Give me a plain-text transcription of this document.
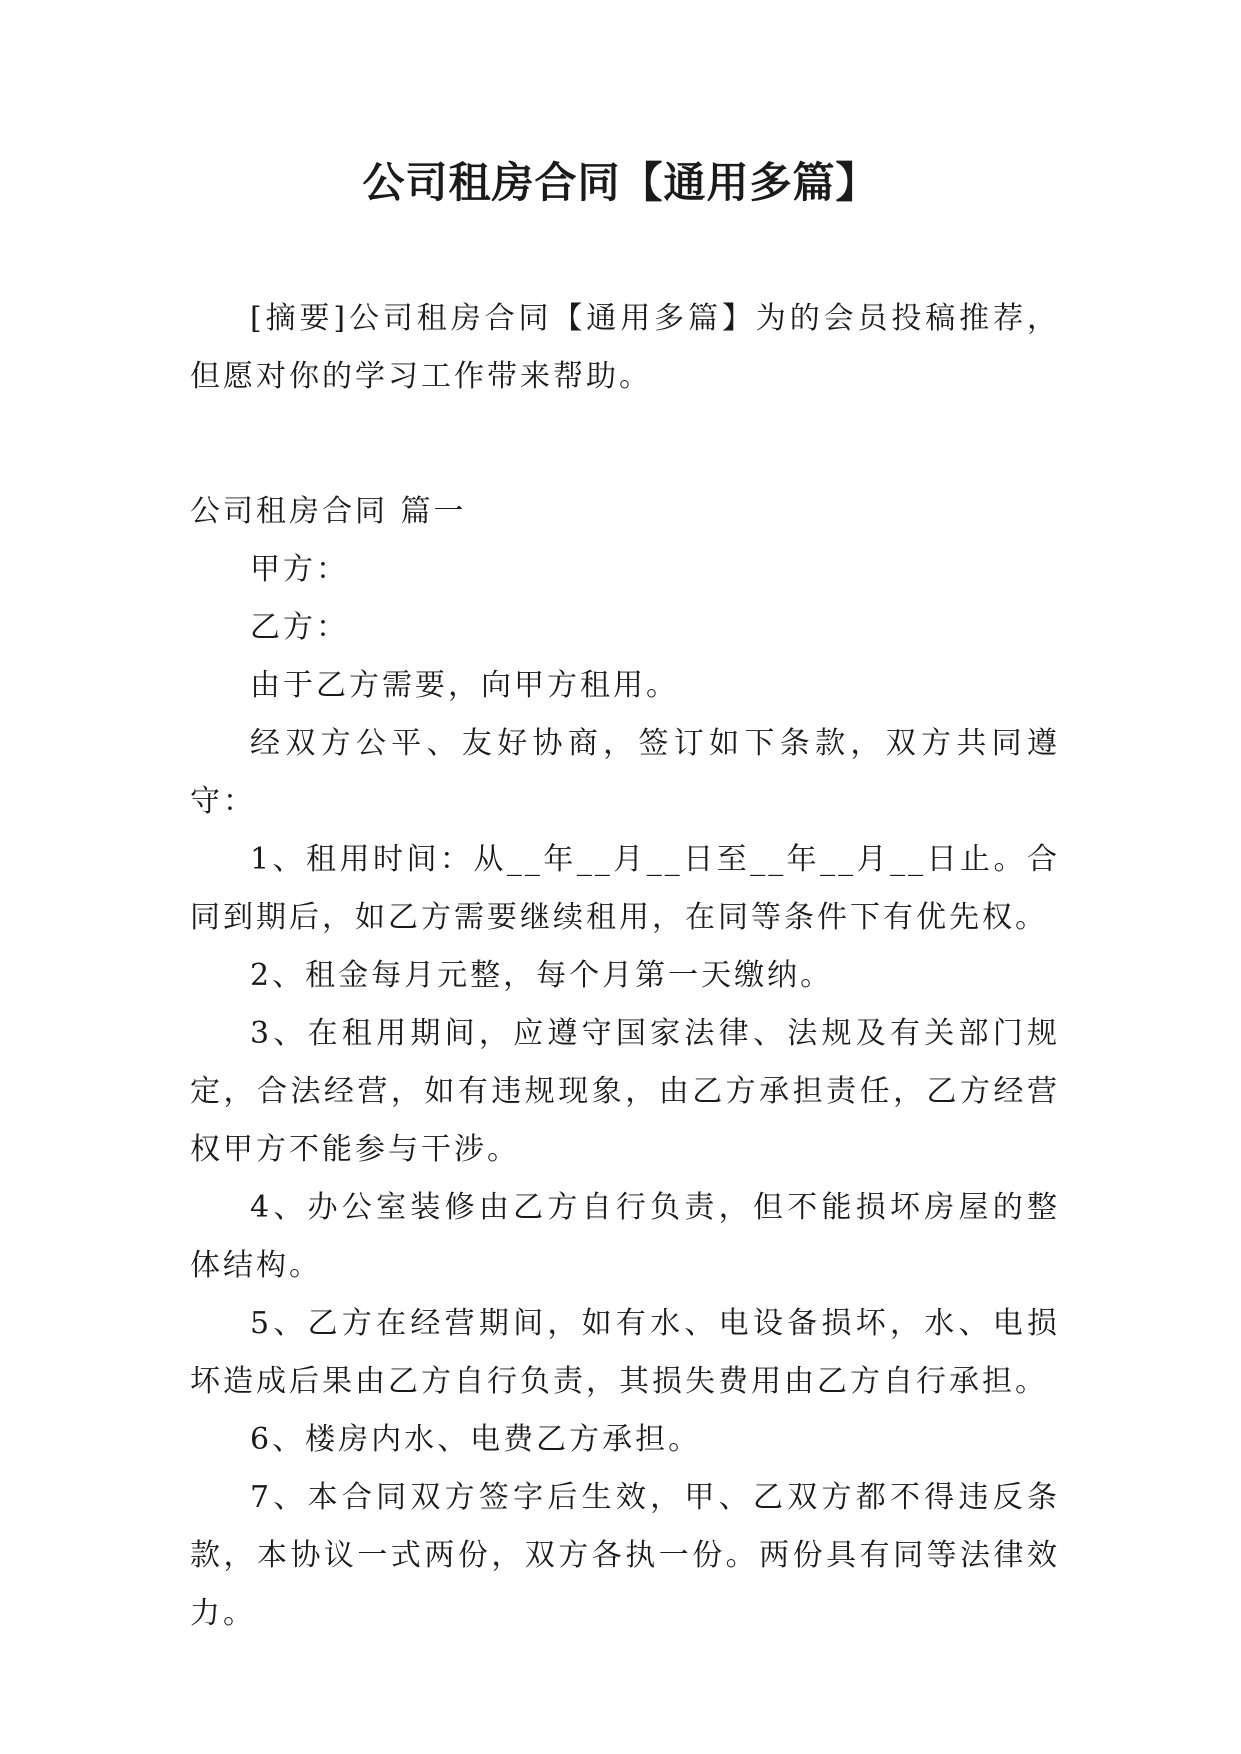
公司租房合同【通用多篇】

[摘要]公司租房合同【通用多篇】为的会员投稿推荐，但愿对你的学习工作带来帮助。

公司租房合同 篇一

甲方：

乙方：

由于乙方需要，向甲方租用。

经双方公平、友好协商，签订如下条款，双方共同遵守：

1、租用时间：从__年__月__日至__年__月__日止。合同到期后，如乙方需要继续租用，在同等条件下有优先权。

2、租金每月元整，每个月第一天缴纳。

3、在租用期间，应遵守国家法律、法规及有关部门规定，合法经营，如有违规现象，由乙方承担责任，乙方经营权甲方不能参与干涉。

4、办公室装修由乙方自行负责，但不能损坏房屋的整体结构。

5、乙方在经营期间，如有水、电设备损坏，水、电损坏造成后果由乙方自行负责，其损失费用由乙方自行承担。

6、楼房内水、电费乙方承担。

7、本合同双方签字后生效，甲、乙双方都不得违反条款，本协议一式两份，双方各执一份。两份具有同等法律效力。
